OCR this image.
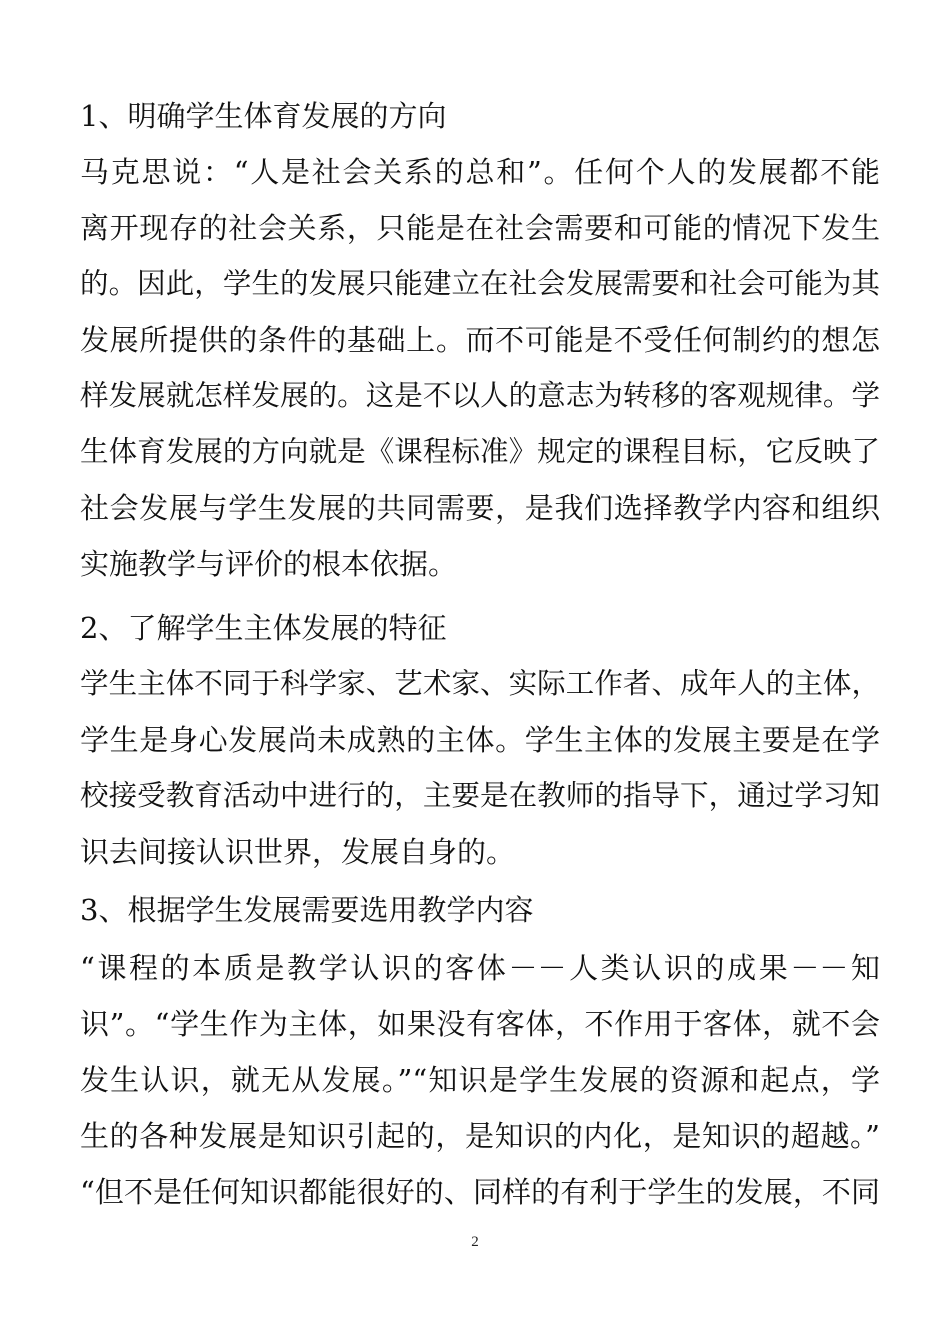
1、明确学生体育发展的方向
马克思说：“人是社会关系的总和”。任何个人的发展都不能
离开现存的社会关系，只能是在社会需要和可能的情况下发生
的。因此，学生的发展只能建立在社会发展需要和社会可能为其
发展所提供的条件的基础上。而不可能是不受任何制约的想怎
样发展就怎样发展的。这是不以人的意志为转移的客观规律。学
生体育发展的方向就是《课程标准》规定的课程目标，它反映了
社会发展与学生发展的共同需要，是我们选择教学内容和组织
实施教学与评价的根本依据。
2、了解学生主体发展的特征
学生主体不同于科学家、艺术家、实际工作者、成年人的主体，
学生是身心发展尚未成熟的主体。学生主体的发展主要是在学
校接受教育活动中进行的，主要是在教师的指导下，通过学习知
识去间接认识世界，发展自身的。
3、根据学生发展需要选用教学内容
“课程的本质是教学认识的客体－－人类认识的成果－－知
识”。“学生作为主体，如果没有客体，不作用于客体，就不会
发生认识，就无从发展。”“知识是学生发展的资源和起点，学
生的各种发展是知识引起的，是知识的内化，是知识的超越。”
“但不是任何知识都能很好的、同样的有利于学生的发展，不同
2
